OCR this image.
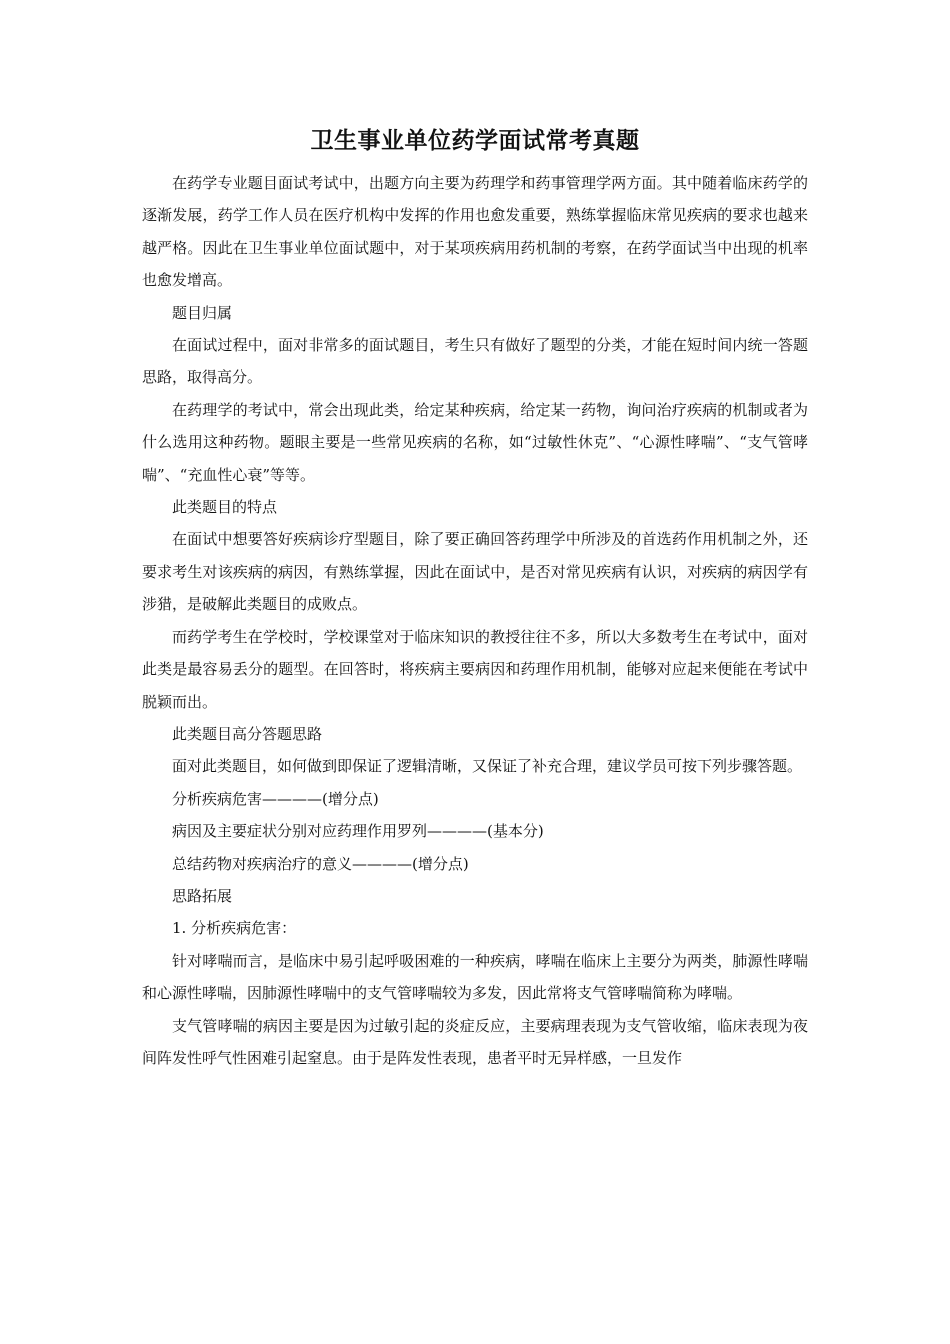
卫生事业单位药学面试常考真题

在药学专业题目面试考试中，出题方向主要为药理学和药事管理学两方面。其中随着临床药学的逐渐发展，药学工作人员在医疗机构中发挥的作用也愈发重要，熟练掌握临床常见疾病的要求也越来越严格。因此在卫生事业单位面试题中，对于某项疾病用药机制的考察，在药学面试当中出现的机率也愈发增高。

题目归属

在面试过程中，面对非常多的面试题目，考生只有做好了题型的分类，才能在短时间内统一答题思路，取得高分。

在药理学的考试中，常会出现此类，给定某种疾病，给定某一药物，询问治疗疾病的机制或者为什么选用这种药物。题眼主要是一些常见疾病的名称，如“过敏性休克”、“心源性哮喘”、“支气管哮喘”、“充血性心衰”等等。

此类题目的特点

在面试中想要答好疾病诊疗型题目，除了要正确回答药理学中所涉及的首选药作用机制之外，还要求考生对该疾病的病因，有熟练掌握，因此在面试中，是否对常见疾病有认识，对疾病的病因学有涉猎，是破解此类题目的成败点。

而药学考生在学校时，学校课堂对于临床知识的教授往往不多，所以大多数考生在考试中，面对此类是最容易丢分的题型。在回答时，将疾病主要病因和药理作用机制，能够对应起来便能在考试中脱颖而出。

此类题目高分答题思路

面对此类题目，如何做到即保证了逻辑清晰，又保证了补充合理，建议学员可按下列步骤答题。

分析疾病危害————(增分点)

病因及主要症状分别对应药理作用罗列————(基本分)

总结药物对疾病治疗的意义————(增分点)

思路拓展

1. 分析疾病危害：

针对哮喘而言，是临床中易引起呼吸困难的一种疾病，哮喘在临床上主要分为两类，肺源性哮喘和心源性哮喘，因肺源性哮喘中的支气管哮喘较为多发，因此常将支气管哮喘简称为哮喘。

支气管哮喘的病因主要是因为过敏引起的炎症反应，主要病理表现为支气管收缩，临床表现为夜间阵发性呼气性困难引起窒息。由于是阵发性表现，患者平时无异样感，一旦发作
